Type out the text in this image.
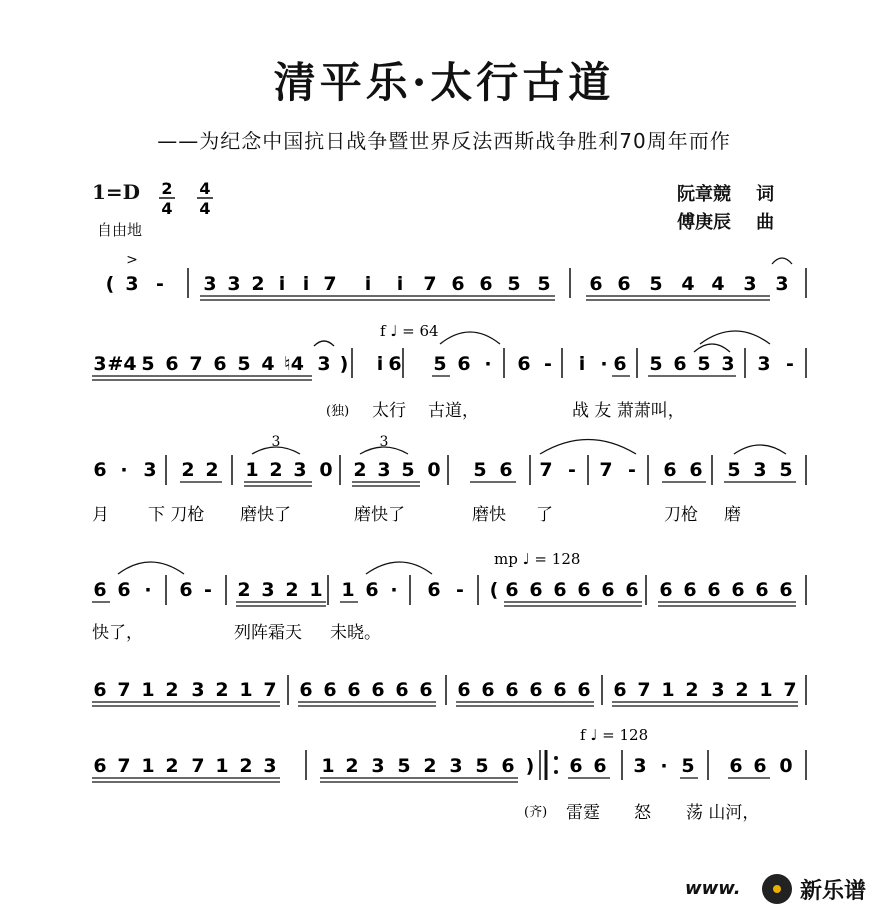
清平乐·太行古道
——为纪念中国抗日战争暨世界反法西斯战争胜利70周年而作
1=D 2
4
4
4
自由地
阮章競 词
傅庚辰 曲
( 3
>
- 3 3 2 i i 7 i i 7 6 6 5 5 6 6 5 4 4 3 3
f ♩ = 64
3 #4 5 6 7 6 5 4 ♮4 3 ) i 6 5 6 · 6 - i · 6 5 6 5 3 3 -
(独) 太行 古道，	战 友 萧萧叫，
6 · 3 2 2 1 2 3 0 2 3 5 0 5 6 7 - 7 - 6 6 5 3 5
3	3
月 下 刀枪 磨快了	磨快了	磨快 了	刀枪 磨
mp ♩ = 128
6 6 · 6 - 2 3 2 1 1 6 · 6 - ( 6 6 6 6 6 6 6 6 6 6 6 6
快了，	列阵霜天 未晓。
6 7 1 2 3 2 1 7 6 6 6 6 6 6 6 6 6 6 6 6 6 7 1 2 3 2 1 7
f ♩ = 128
6 7 1 2 7 1 2 3 1 2 3 5 2 3 5 6 ) 6 6 3 · 5 6 6 0
(齐) 雷霆 怒 荡 山河，
www.	新乐谱
